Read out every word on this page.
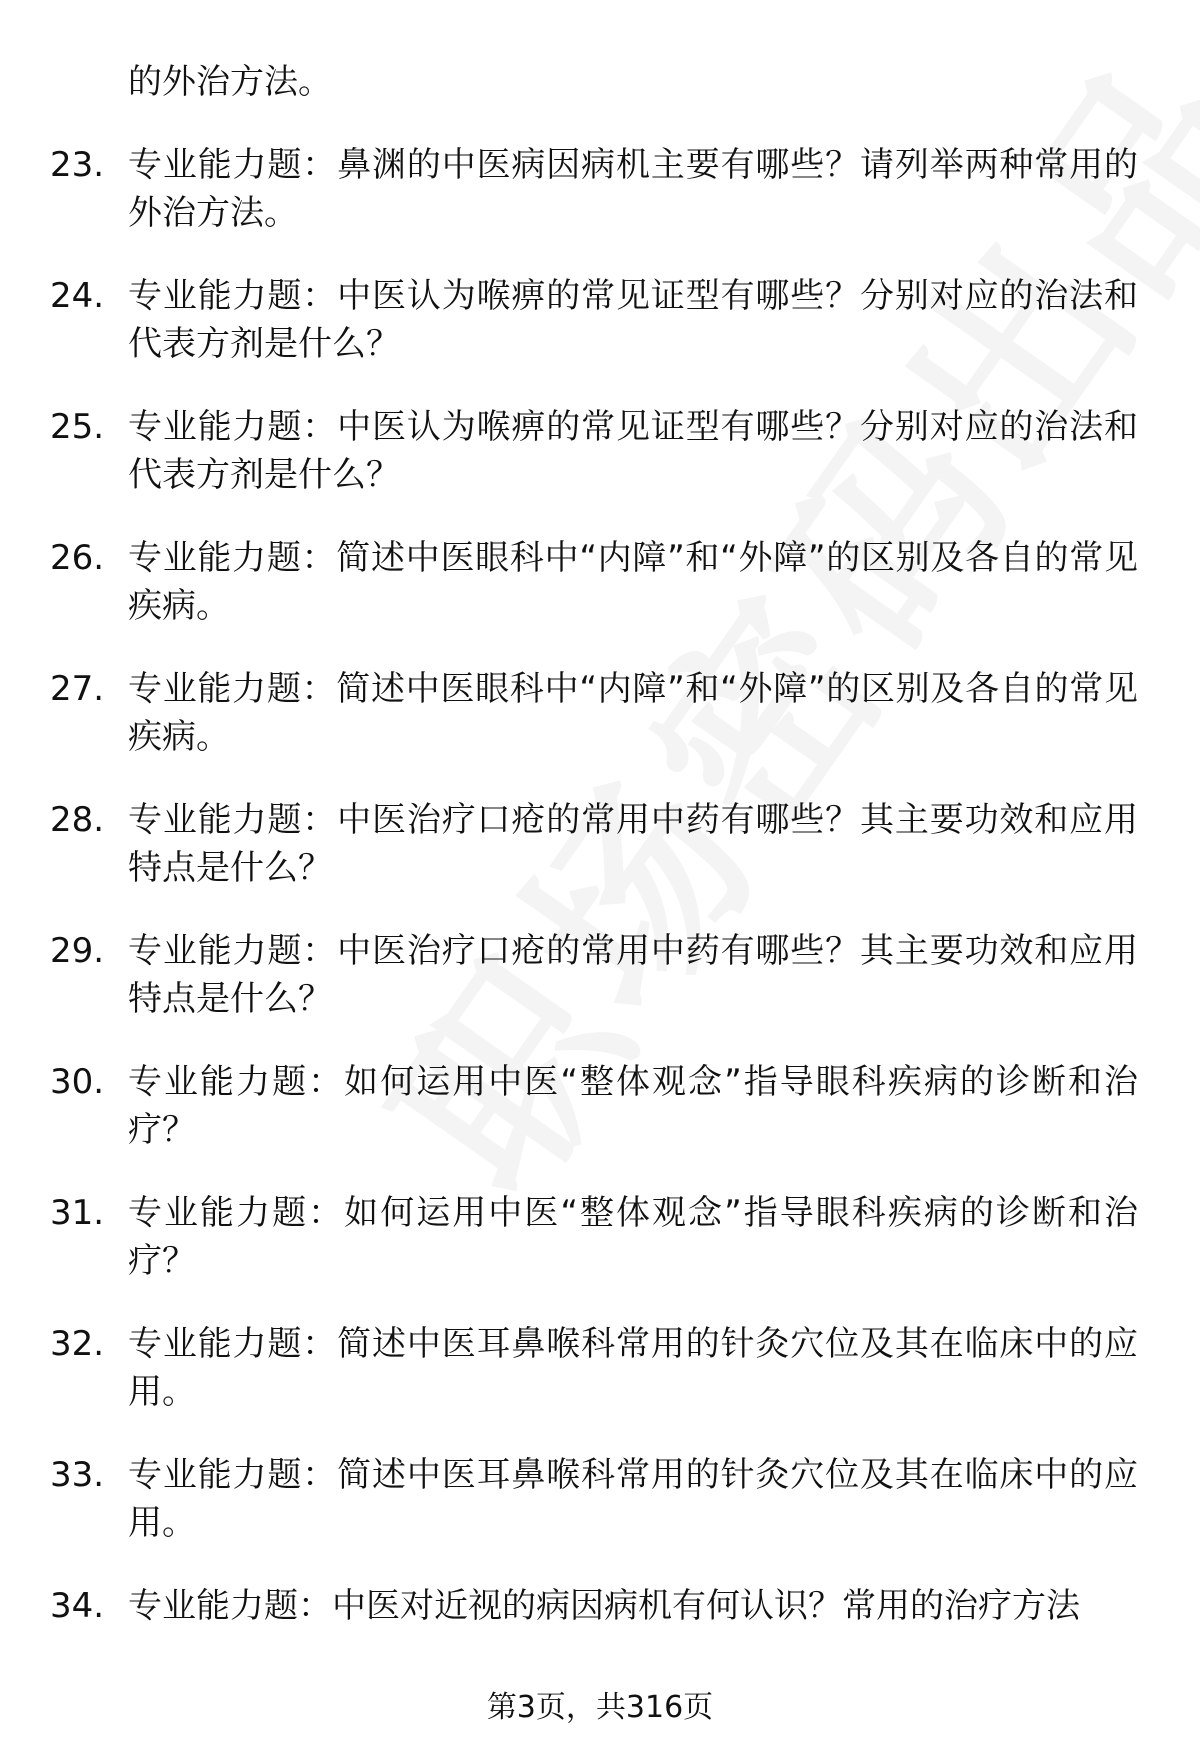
的外治方法。
23. 专业能力题：鼻渊的中医病因病机主要有哪些？请列举两种常用的外治方法。
24. 专业能力题：中医认为喉痹的常见证型有哪些？分别对应的治法和代表方剂是什么？
25. 专业能力题：中医认为喉痹的常见证型有哪些？分别对应的治法和代表方剂是什么？
26. 专业能力题：简述中医眼科中“内障”和“外障”的区别及各自的常见疾病。
27. 专业能力题：简述中医眼科中“内障”和“外障”的区别及各自的常见疾病。
28. 专业能力题：中医治疗口疮的常用中药有哪些？其主要功效和应用特点是什么？
29. 专业能力题：中医治疗口疮的常用中药有哪些？其主要功效和应用特点是什么？
30. 专业能力题：如何运用中医“整体观念”指导眼科疾病的诊断和治疗？
31. 专业能力题：如何运用中医“整体观念”指导眼科疾病的诊断和治疗？
32. 专业能力题：简述中医耳鼻喉科常用的针灸穴位及其在临床中的应用。
33. 专业能力题：简述中医耳鼻喉科常用的针灸穴位及其在临床中的应用。
34. 专业能力题：中医对近视的病因病机有何认识？常用的治疗方法
第3页，共316页
